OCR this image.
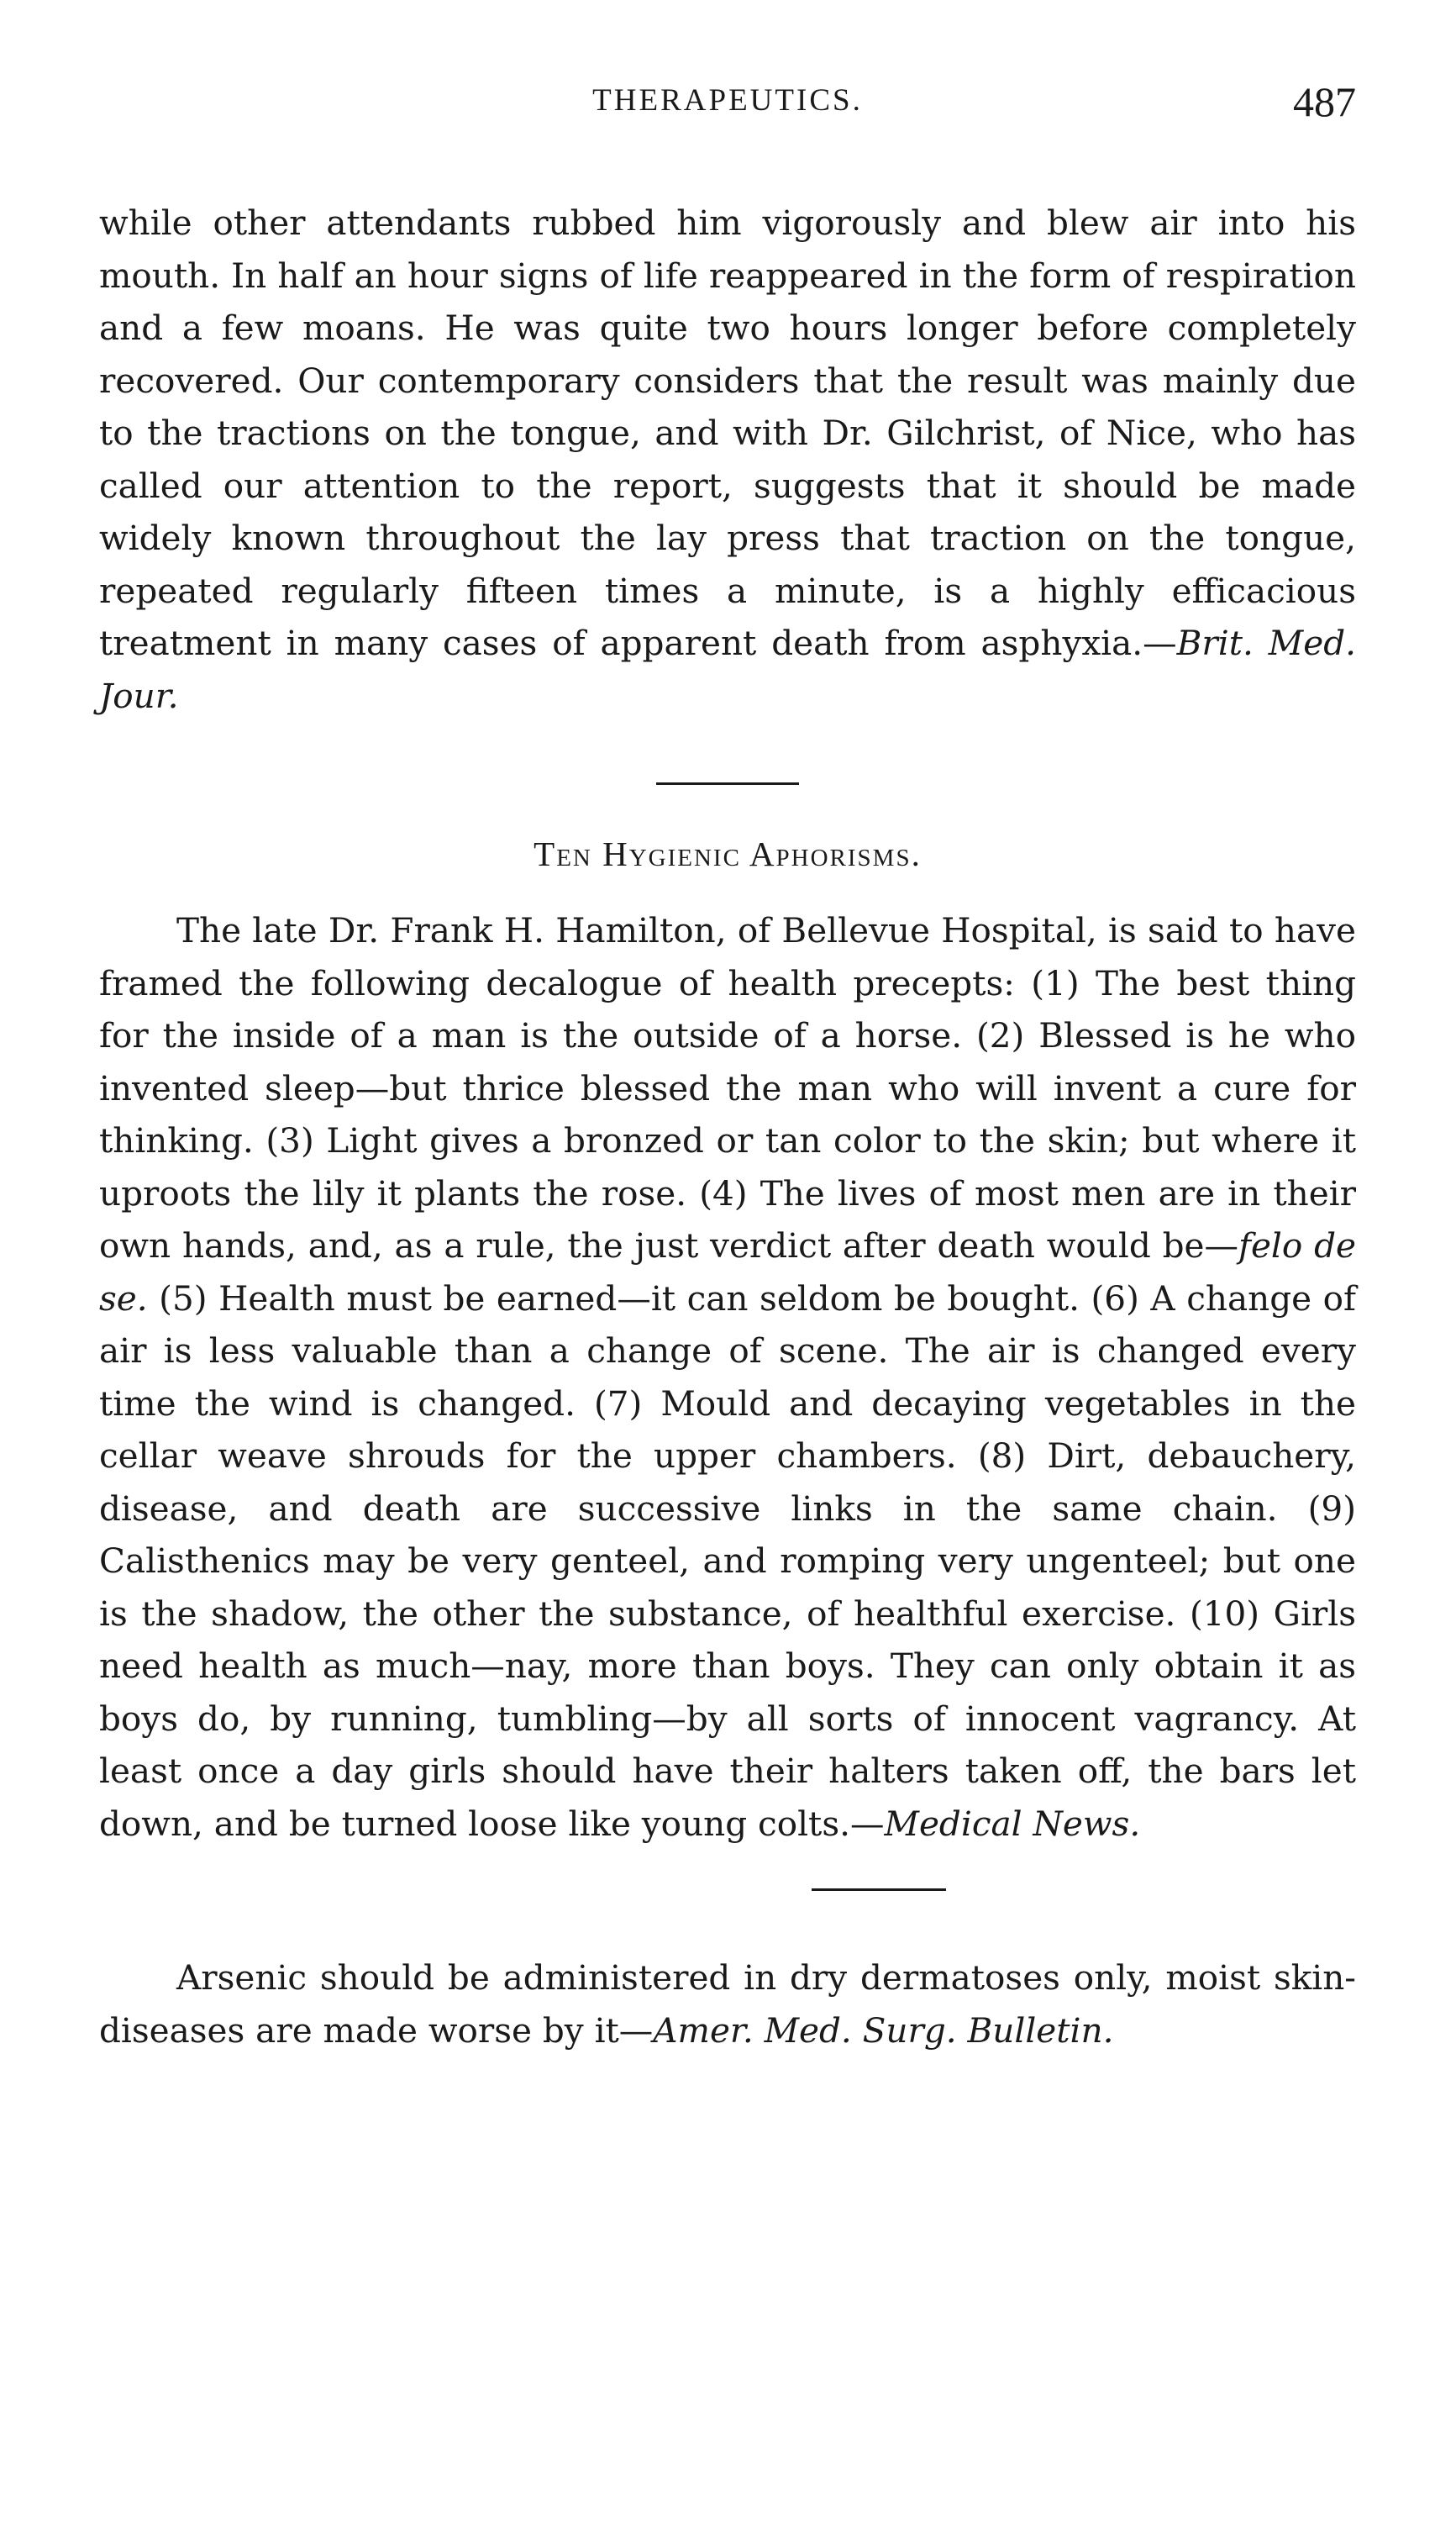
THERAPEUTICS.	487

while other attendants rubbed him vigorously and blew air into his mouth. In half an hour signs of life reappeared in the form of respiration and a few moans. He was quite two hours longer before completely recovered. Our contemporary considers that the result was mainly due to the tractions on the tongue, and with Dr. Gilchrist, of Nice, who has called our attention to the report, suggests that it should be made widely known throughout the lay press that traction on the tongue, repeated regularly fifteen times a minute, is a highly efficacious treatment in many cases of apparent death from asphyxia.—Brit. Med. Jour.

Ten Hygienic Aphorisms.

The late Dr. Frank H. Hamilton, of Bellevue Hospital, is said to have framed the following decalogue of health precepts: (1) The best thing for the inside of a man is the outside of a horse. (2) Blessed is he who invented sleep—but thrice blessed the man who will invent a cure for thinking. (3) Light gives a bronzed or tan color to the skin; but where it uproots the lily it plants the rose. (4) The lives of most men are in their own hands, and, as a rule, the just verdict after death would be—felo de se. (5) Health must be earned—it can seldom be bought. (6) A change of air is less valuable than a change of scene. The air is changed every time the wind is changed. (7) Mould and decaying vegetables in the cellar weave shrouds for the upper chambers. (8) Dirt, debauchery, disease, and death are successive links in the same chain. (9) Calisthenics may be very genteel, and romping very ungenteel; but one is the shadow, the other the substance, of healthful exercise. (10) Girls need health as much—nay, more than boys. They can only obtain it as boys do, by running, tumbling—by all sorts of innocent vagrancy. At least once a day girls should have their halters taken off, the bars let down, and be turned loose like young colts.—Medical News.

Arsenic should be administered in dry dermatoses only, moist skin-diseases are made worse by it—Amer. Med. Surg. Bulletin.
